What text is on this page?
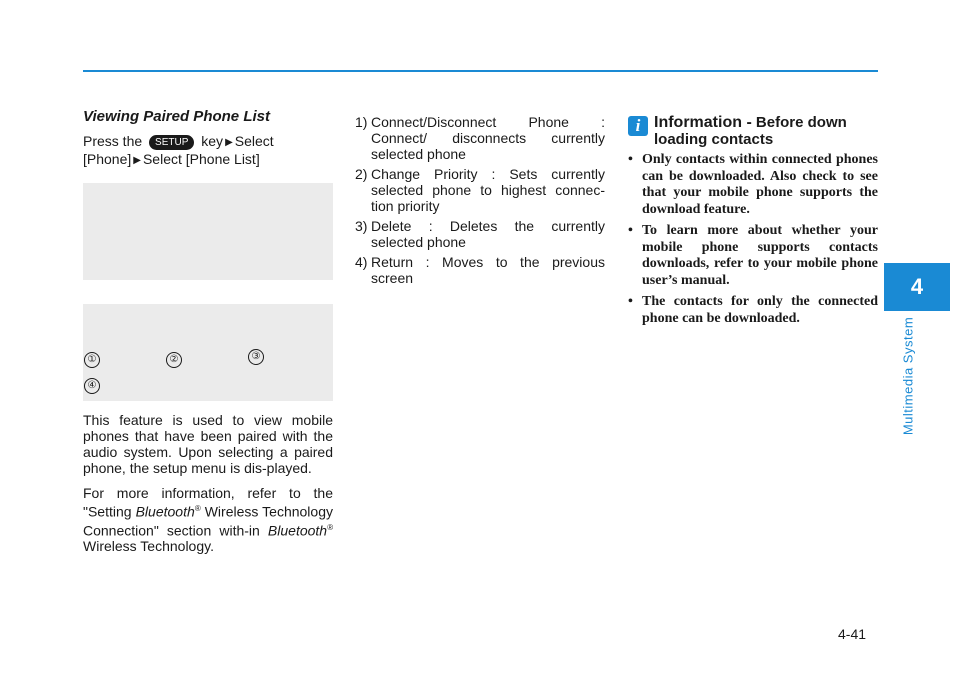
4
Multimedia System
Viewing Paired Phone List

Press the SETUP key ▶ Select
[Phone] ▶ Select [Phone List]

①	②	③
④

This feature is used to view mobile phones that have been paired with the audio system. Upon selecting a paired phone, the setup menu is dis-played.

For more information, refer to the "Setting Bluetooth® Wireless Technology Connection" section with-in Bluetooth® Wireless Technology.

1) Connect/Disconnect Phone : Connect/ disconnects currently selected phone
2) Change Priority : Sets currently selected phone to highest connec-tion priority
3) Delete : Deletes the currently selected phone
4) Return : Moves to the previous screen
i Information - Before down loading contacts
• Only contacts within connected phones can be downloaded. Also check to see that your mobile phone supports the download feature.
• To learn more about whether your mobile phone supports contacts downloads, refer to your mobile phone user’s manual.
• The contacts for only the connected phone can be downloaded.
4-41
